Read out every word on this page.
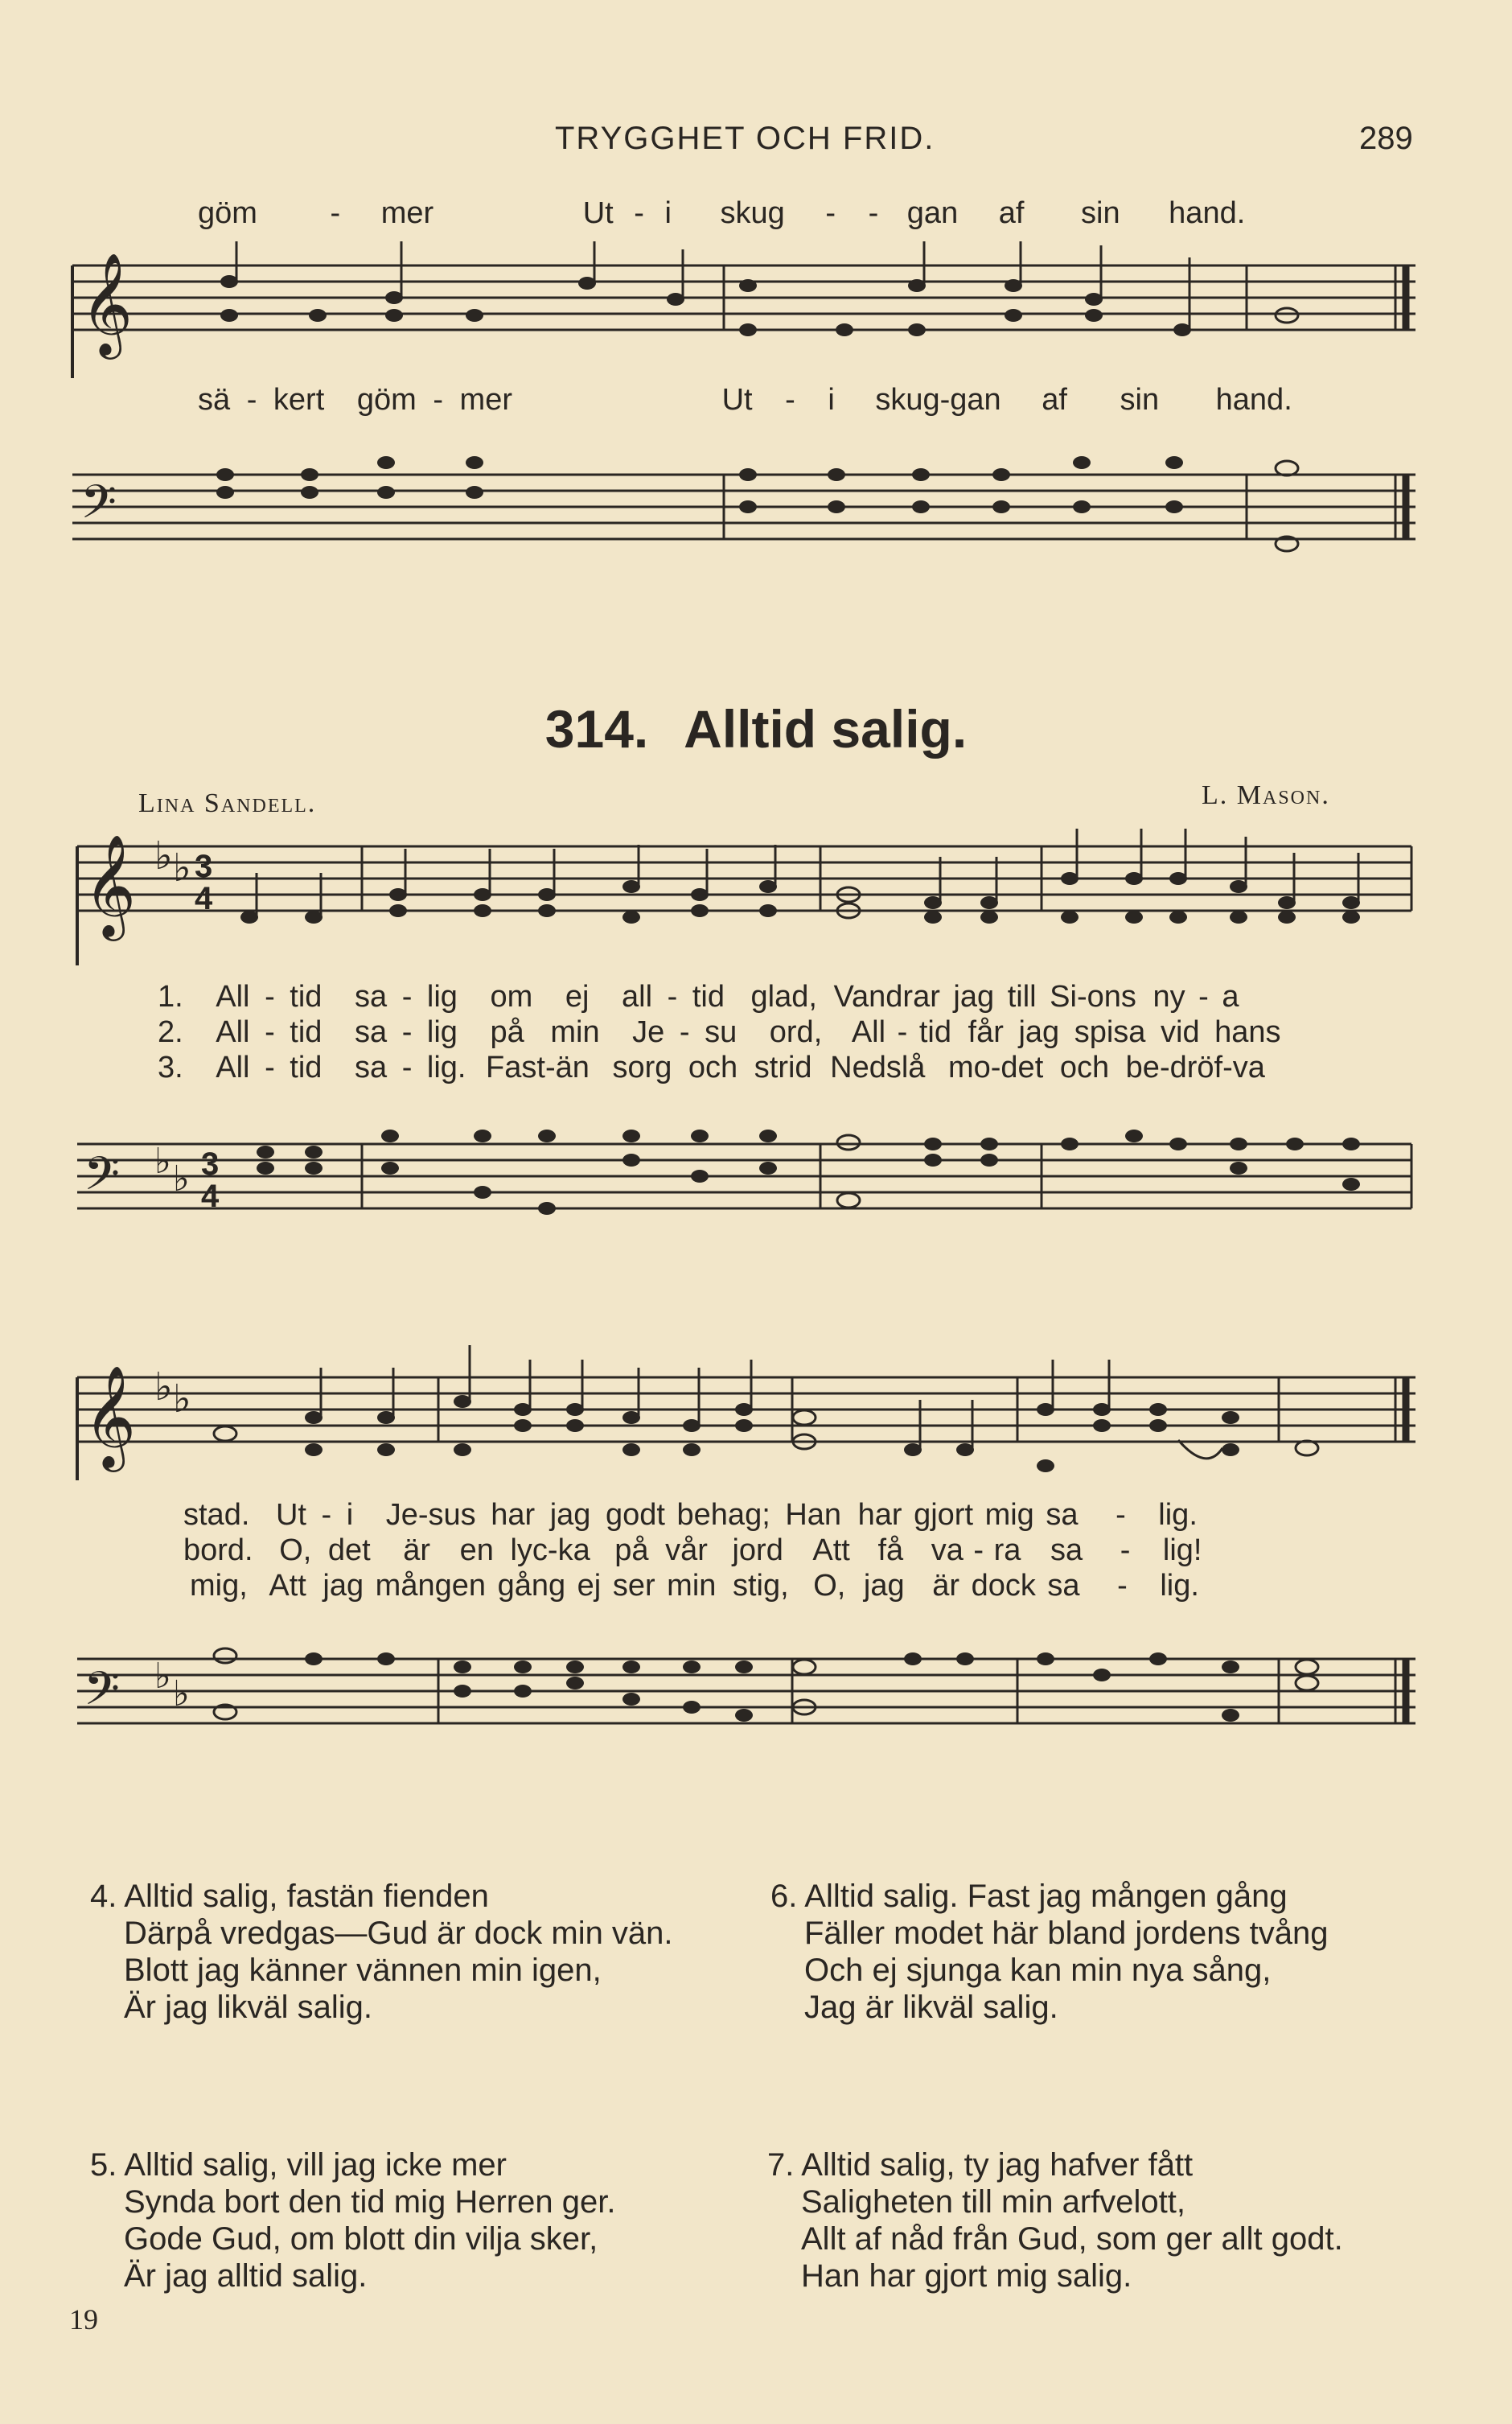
TRYGGHET OCH FRID.	289
𝄞
göm - mer	Ut - i skug - - gan af sin hand.
sä - kert göm - mer	Ut - i skug-gan af sin hand.
𝄢
314. Alltid salig.
Lina Sandell.	L. Mason.
𝄞 ♭ ♭ 3
4
1. All - tid sa - lig om ej all - tid glad, Vandrar jag till Si-ons ny - a
2. All - tid sa - lig på min Je - su ord, All - tid får jag spisa vid hans
3. All - tid sa - lig. Fast-än sorg och strid Nedslå mo-det och be-dröf-va
𝄢 ♭ ♭ 3
4
𝄞 ♭ ♭
stad. Ut - i Je-sus har jag godt behag; Han har gjort mig sa - lig.
bord. O, det är en lyc-ka på vår jord Att få va - ra sa - lig!
mig, Att jag mången gång ej ser min stig, O, jag är dock sa - lig.
𝄢 ♭ ♭
4. Alltid salig, fastän fienden
Därpå vredgas—Gud är dock min vän.
Blott jag känner vännen min igen,
Är jag likväl salig.
6. Alltid salig. Fast jag mången gång
Fäller modet här bland jordens tvång
Och ej sjunga kan min nya sång,
Jag är likväl salig.
5. Alltid salig, vill jag icke mer
Synda bort den tid mig Herren ger.
Gode Gud, om blott din vilja sker,
Är jag alltid salig.
7. Alltid salig, ty jag hafver fått
Saligheten till min arfvelott,
Allt af nåd från Gud, som ger allt godt.
Han har gjort mig salig.
19
